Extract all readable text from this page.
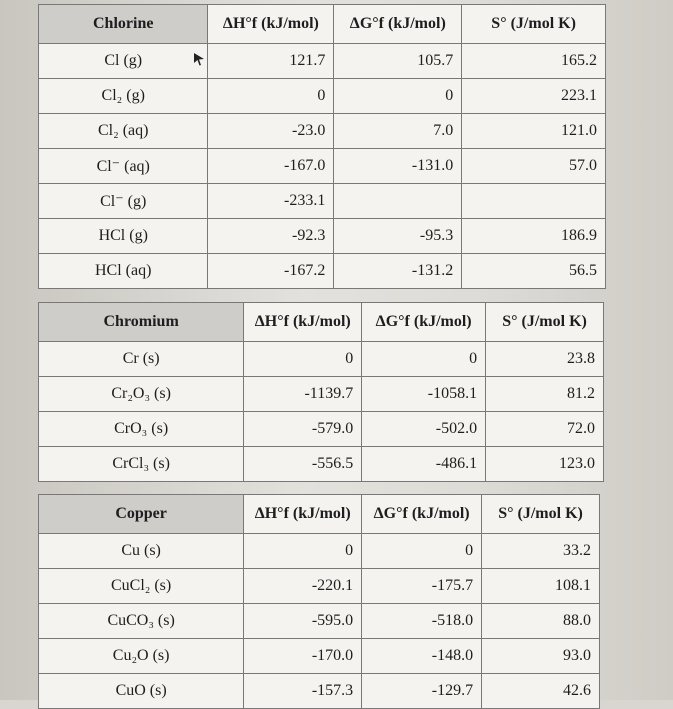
Chlorine	ΔH°f (kJ/mol)	ΔG°f (kJ/mol)	S° (J/mol K)
Cl (g)	121.7	105.7	165.2
Cl₂ (g)	0	0	223.1
Cl₂ (aq)	-23.0	7.0	121.0
Cl⁻ (aq)	-167.0	-131.0	57.0
Cl⁻ (g)	-233.1		
HCl (g)	-92.3	-95.3	186.9
HCl (aq)	-167.2	-131.2	56.5
Chromium	ΔH°f (kJ/mol)	ΔG°f (kJ/mol)	S° (J/mol K)
Cr (s)	0	0	23.8
Cr₂O₃ (s)	-1139.7	-1058.1	81.2
CrO₃ (s)	-579.0	-502.0	72.0
CrCl₃ (s)	-556.5	-486.1	123.0
Copper	ΔH°f (kJ/mol)	ΔG°f (kJ/mol)	S° (J/mol K)
Cu (s)	0	0	33.2
CuCl₂ (s)	-220.1	-175.7	108.1
CuCO₃ (s)	-595.0	-518.0	88.0
Cu₂O (s)	-170.0	-148.0	93.0
CuO (s)	-157.3	-129.7	42.6
